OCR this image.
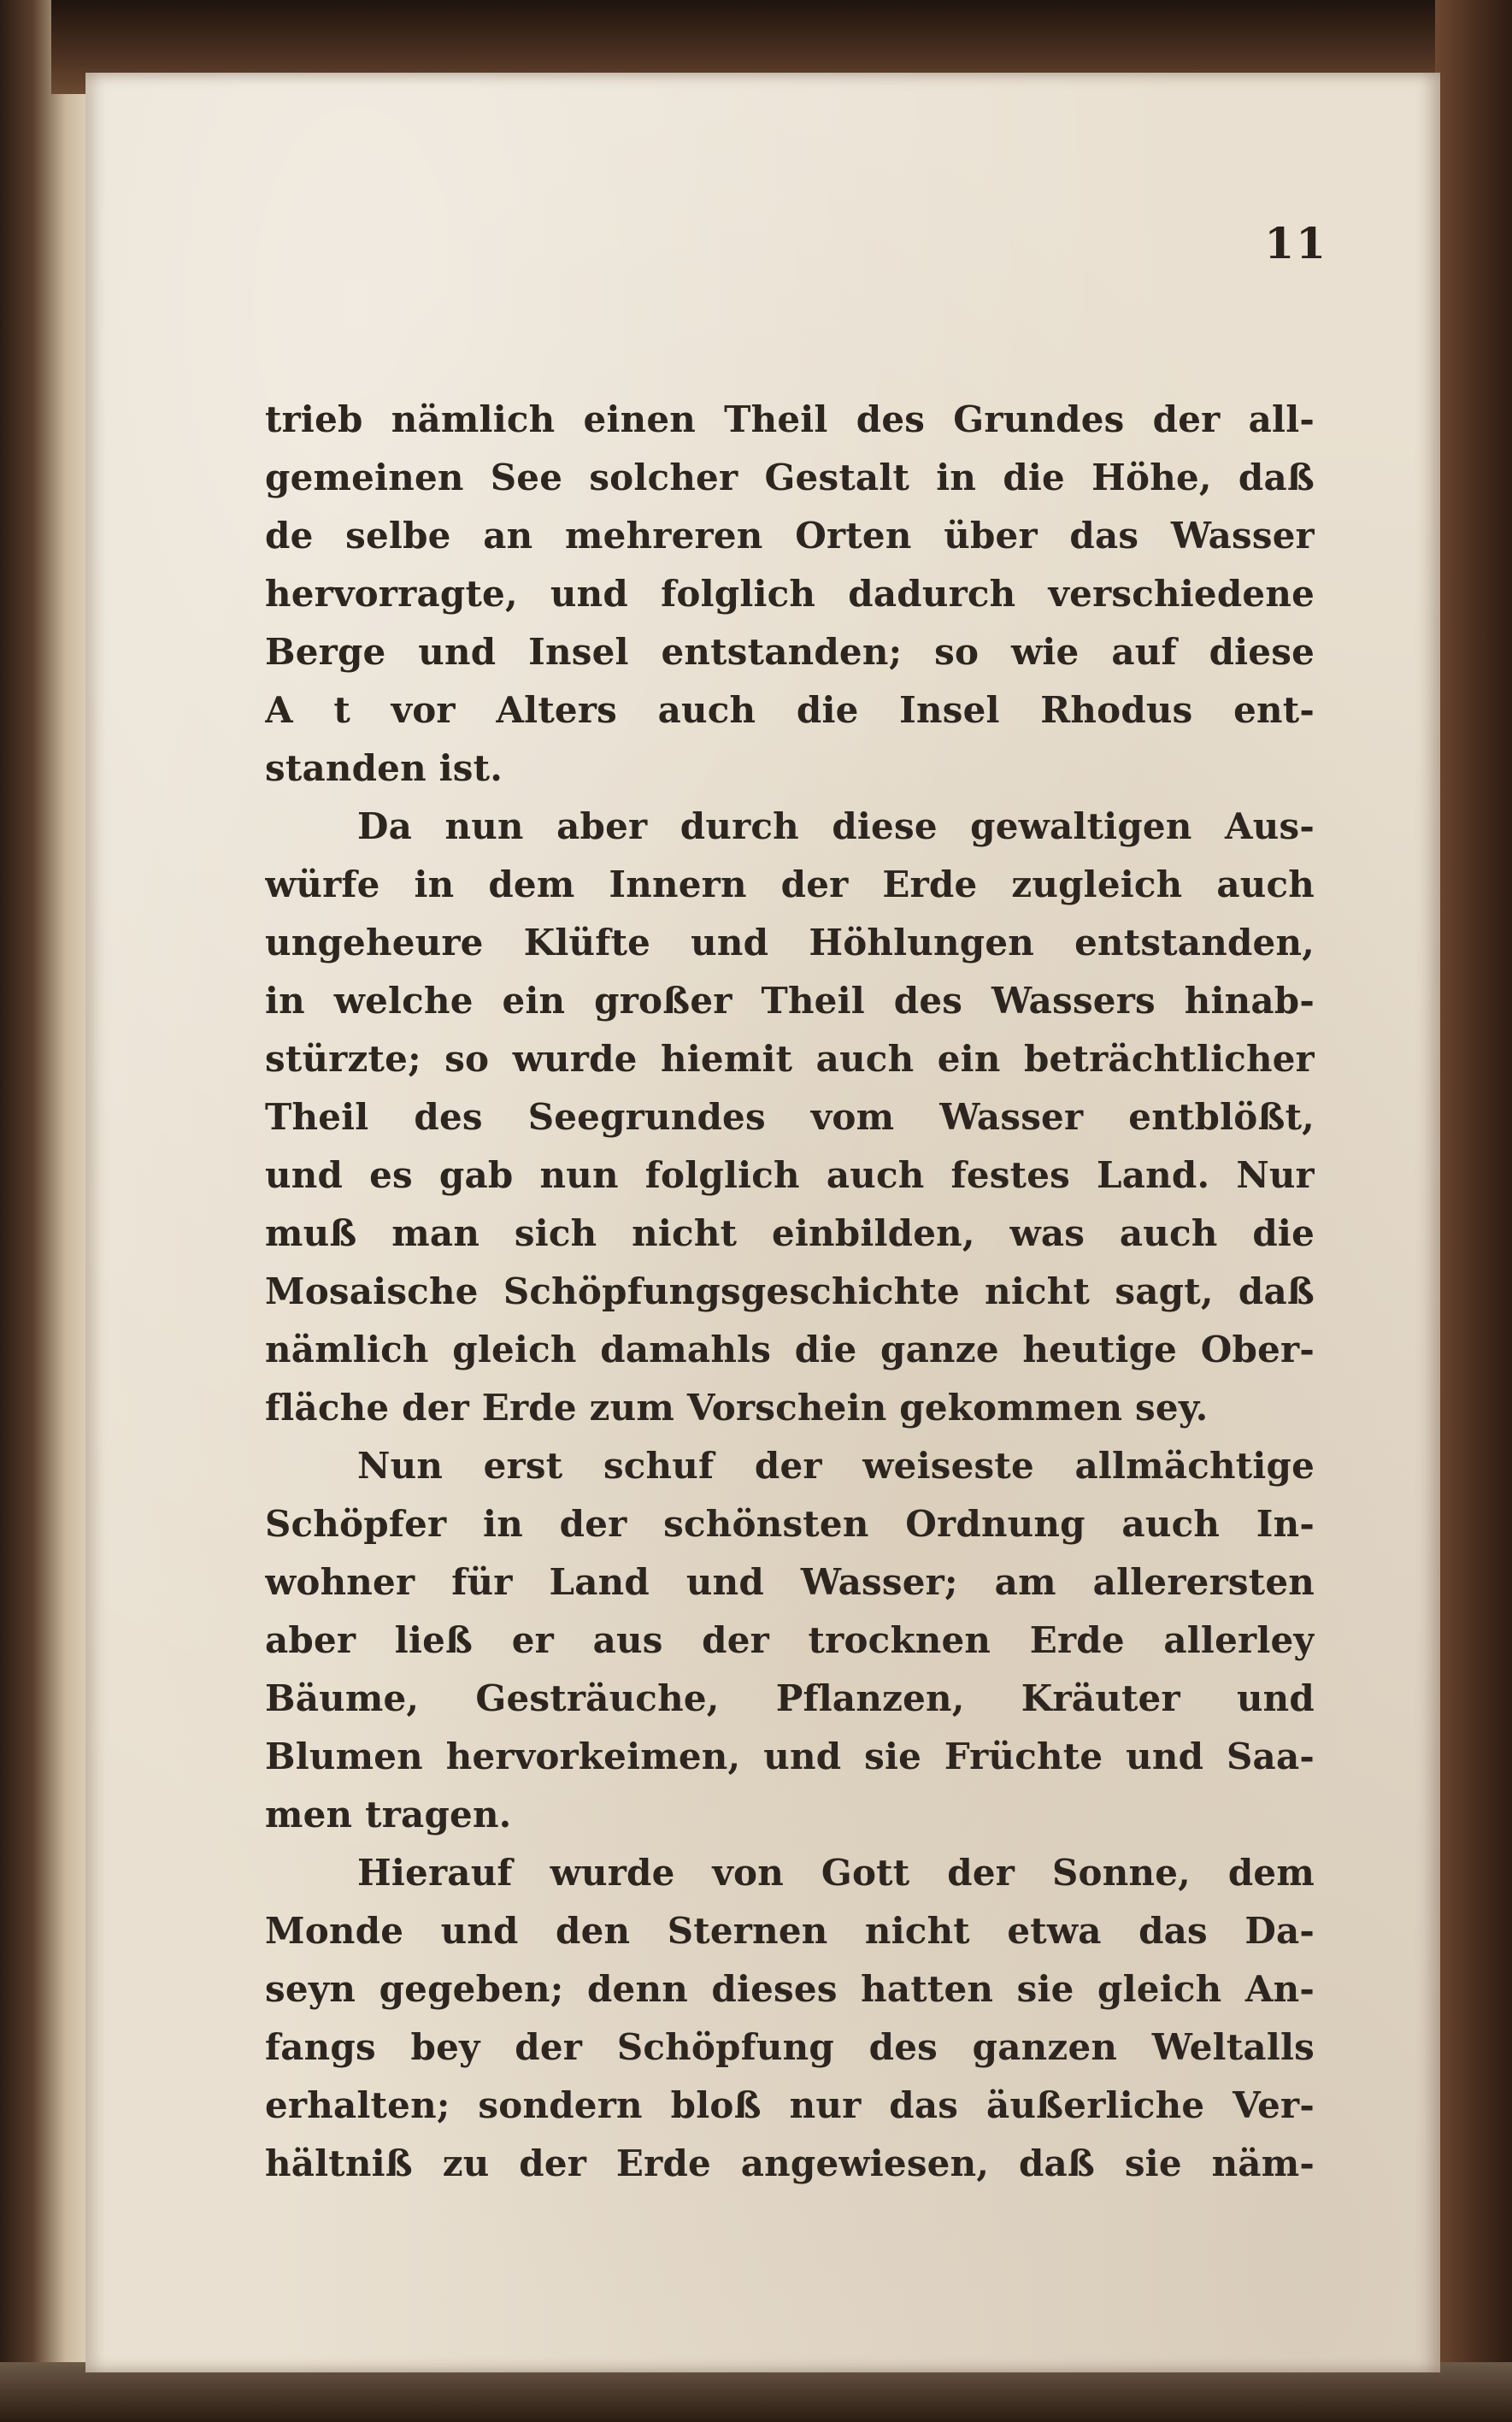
11

trieb nämlich einen Theil des Grundes der all-
gemeinen See solcher Gestalt in die Höhe, daß
de selbe an mehreren Orten über das Wasser
hervorragte, und folglich dadurch verschiedene
Berge und Insel entstanden; so wie auf diese
A t vor Alters auch die Insel Rhodus ent-
standen ist.
Da nun aber durch diese gewaltigen Aus-
würfe in dem Innern der Erde zugleich auch
ungeheure Klüfte und Höhlungen entstanden,
in welche ein großer Theil des Wassers hinab-
stürzte; so wurde hiemit auch ein beträchtlicher
Theil des Seegrundes vom Wasser entblößt,
und es gab nun folglich auch festes Land. Nur
muß man sich nicht einbilden, was auch die
Mosaische Schöpfungsgeschichte nicht sagt, daß
nämlich gleich damahls die ganze heutige Ober-
fläche der Erde zum Vorschein gekommen sey.
Nun erst schuf der weiseste allmächtige
Schöpfer in der schönsten Ordnung auch In-
wohner für Land und Wasser; am allerersten
aber ließ er aus der trocknen Erde allerley
Bäume, Gesträuche, Pflanzen, Kräuter und
Blumen hervorkeimen, und sie Früchte und Saa-
men tragen.
Hierauf wurde von Gott der Sonne, dem
Monde und den Sternen nicht etwa das Da-
seyn gegeben; denn dieses hatten sie gleich An-
fangs bey der Schöpfung des ganzen Weltalls
erhalten; sondern bloß nur das äußerliche Ver-
hältniß zu der Erde angewiesen, daß sie näm-
